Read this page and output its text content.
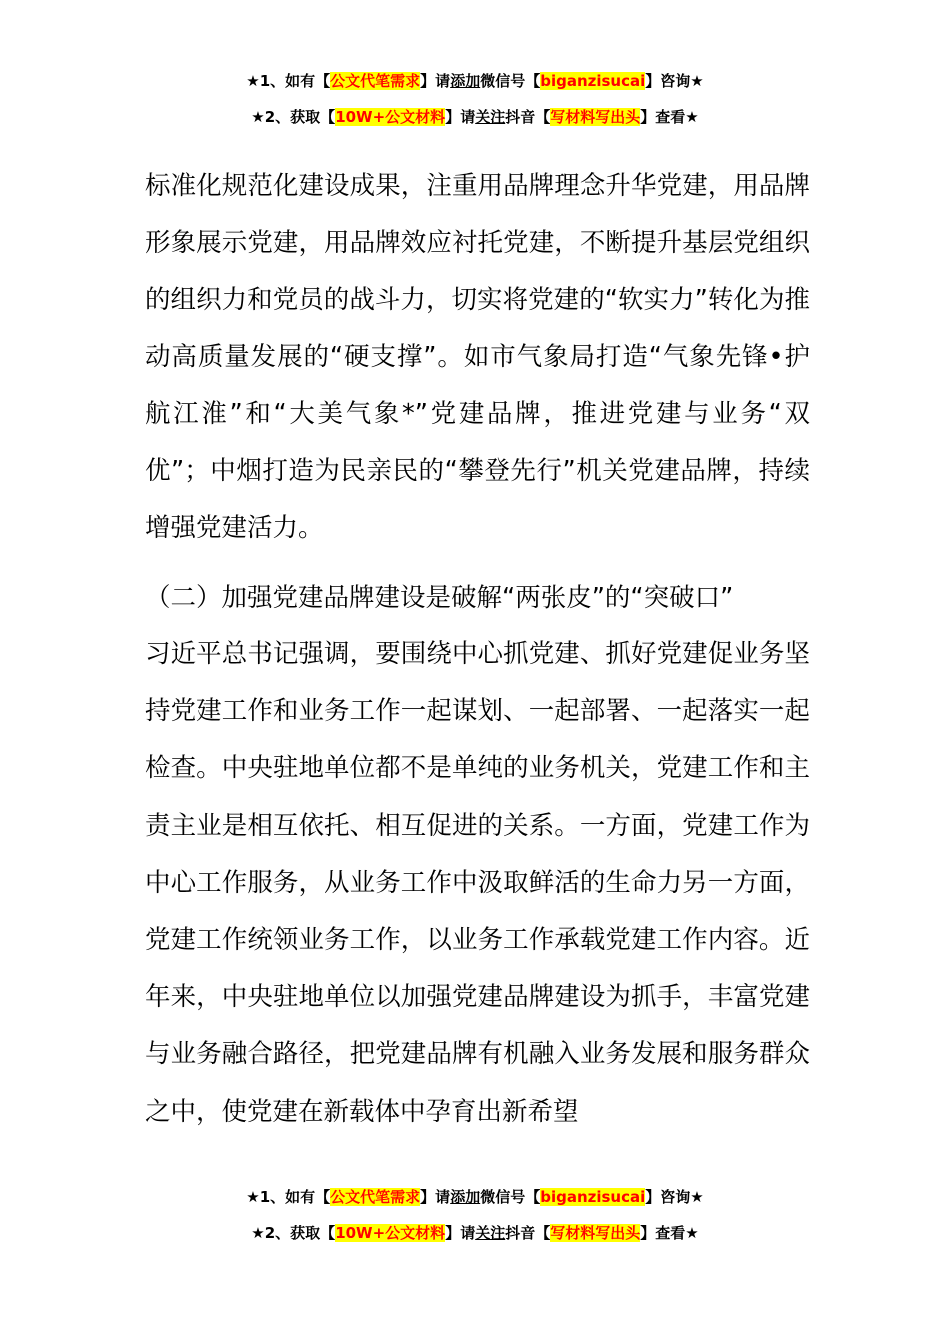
★1、如有【公文代笔需求】请添加微信号【biganzisucai】咨询★
★2、获取【10W+公文材料】请关注抖音【写材料写出头】查看★

标准化规范化建设成果，注重用品牌理念升华党建，用品牌形象展示党建，用品牌效应衬托党建，不断提升基层党组织的组织力和党员的战斗力，切实将党建的“软实力”转化为推动高质量发展的“硬支撑”。如市气象局打造“气象先锋•护航江淮”和“大美气象*”党建品牌，推进党建与业务“双优”；中烟打造为民亲民的“攀登先行”机关党建品牌，持续增强党建活力。

（二）加强党建品牌建设是破解“两张皮”的“突破口”

习近平总书记强调，要围绕中心抓党建、抓好党建促业务坚持党建工作和业务工作一起谋划、一起部署、一起落实一起检查。中央驻地单位都不是单纯的业务机关，党建工作和主责主业是相互依托、相互促进的关系。一方面，党建工作为中心工作服务，从业务工作中汲取鲜活的生命力另一方面，党建工作统领业务工作，以业务工作承载党建工作内容。近年来，中央驻地单位以加强党建品牌建设为抓手，丰富党建与业务融合路径，把党建品牌有机融入业务发展和服务群众之中，使党建在新载体中孕育出新希望

★1、如有【公文代笔需求】请添加微信号【biganzisucai】咨询★
★2、获取【10W+公文材料】请关注抖音【写材料写出头】查看★
